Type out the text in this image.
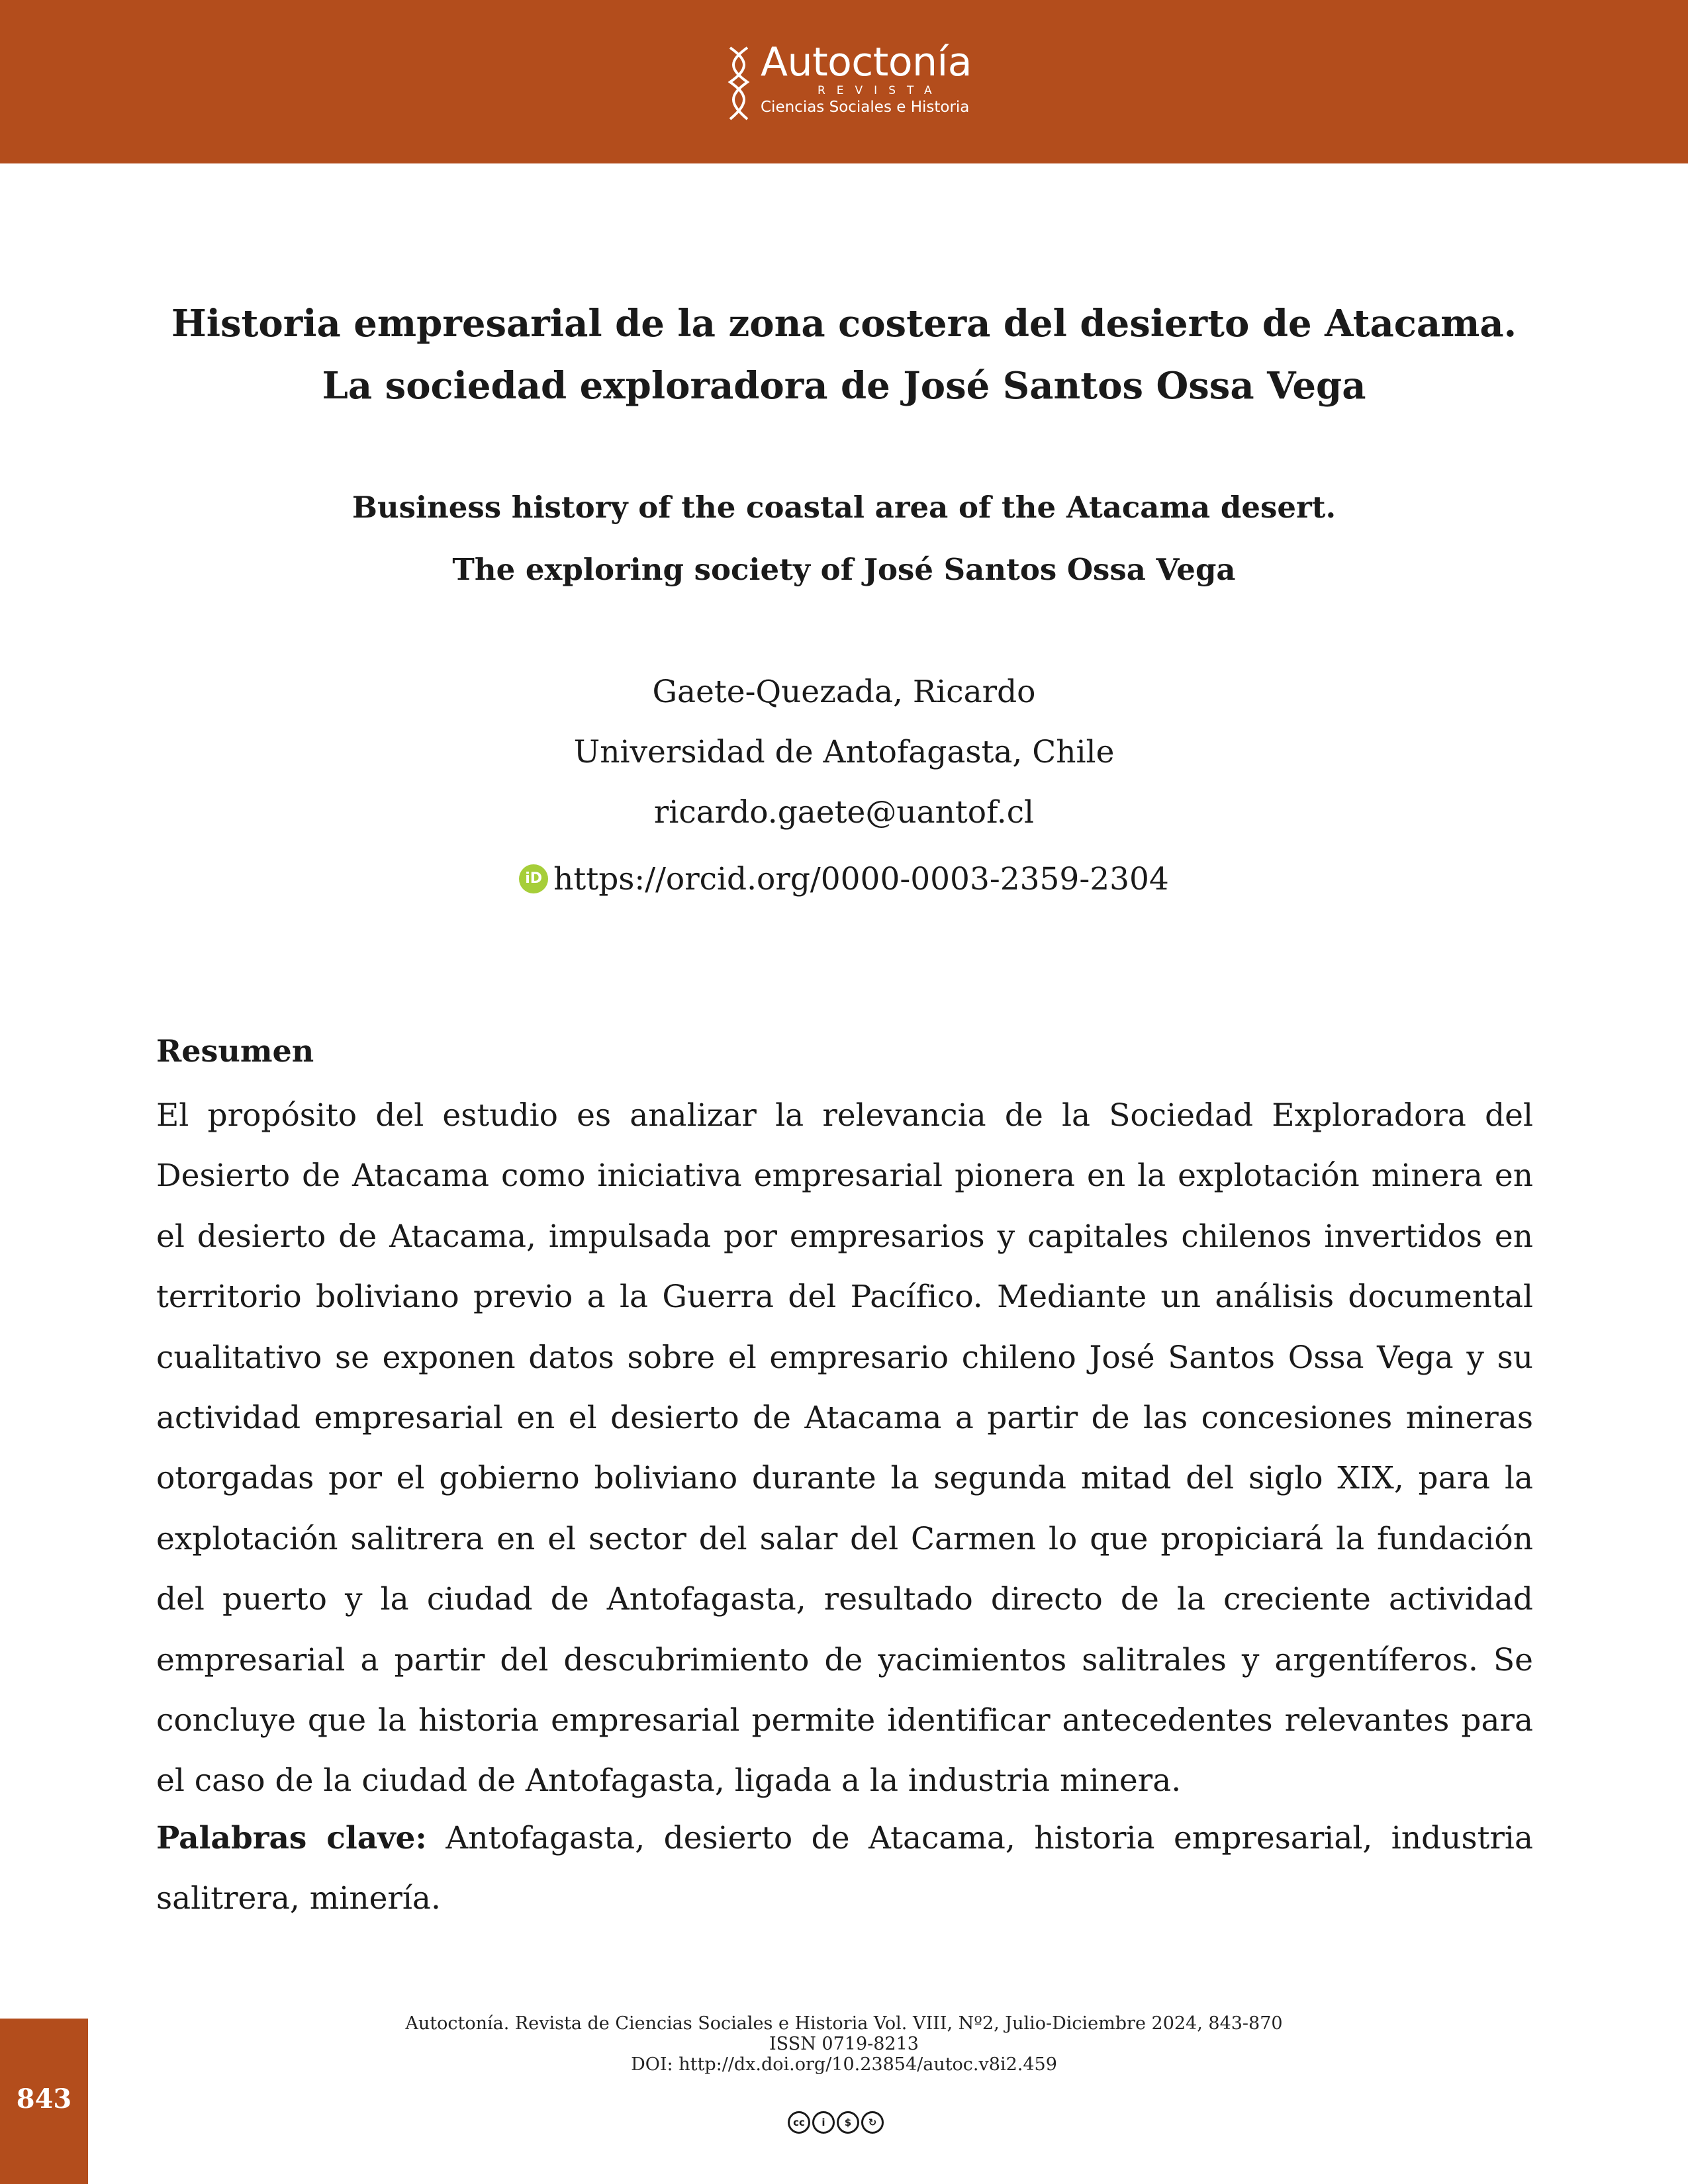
Autoctonía
REVISTA
Ciencias Sociales e Historia
Historia empresarial de la zona costera del desierto de Atacama.
La sociedad exploradora de José Santos Ossa Vega
Business history of the coastal area of the Atacama desert.
The exploring society of José Santos Ossa Vega
Gaete-Quezada, Ricardo
Universidad de Antofagasta, Chile
ricardo.gaete@uantof.cl
iD https://orcid.org/0000-0003-2359-2304
Resumen

El propósito del estudio es analizar la relevancia de la Sociedad Exploradora del Desierto de Atacama como iniciativa empresarial pionera en la explotación minera en el desierto de Atacama, impulsada por empresarios y capitales chilenos invertidos en territorio boliviano previo a la Guerra del Pacífico. Mediante un análisis documental cualitativo se exponen datos sobre el empresario chileno José Santos Ossa Vega y su actividad empresarial en el desierto de Atacama a partir de las concesiones mineras otorgadas por el gobierno boliviano durante la segunda mitad del siglo XIX, para la explotación salitrera en el sector del salar del Carmen lo que propiciará la fundación del puerto y la ciudad de Antofagasta, resultado directo de la creciente actividad empresarial a partir del descubrimiento de yacimientos salitrales y argentíferos. Se concluye que la historia empresarial permite identificar antecedentes relevantes para el caso de la ciudad de Antofagasta, ligada a la industria minera.

Palabras clave: Antofagasta, desierto de Atacama, historia empresarial, industria salitrera, minería.
Autoctonía. Revista de Ciencias Sociales e Historia Vol. VIII, Nº2, Julio-Diciembre 2024, 843-870
ISSN 0719-8213
DOI: http://dx.doi.org/10.23854/autoc.v8i2.459
cc	i	$	↻
843
